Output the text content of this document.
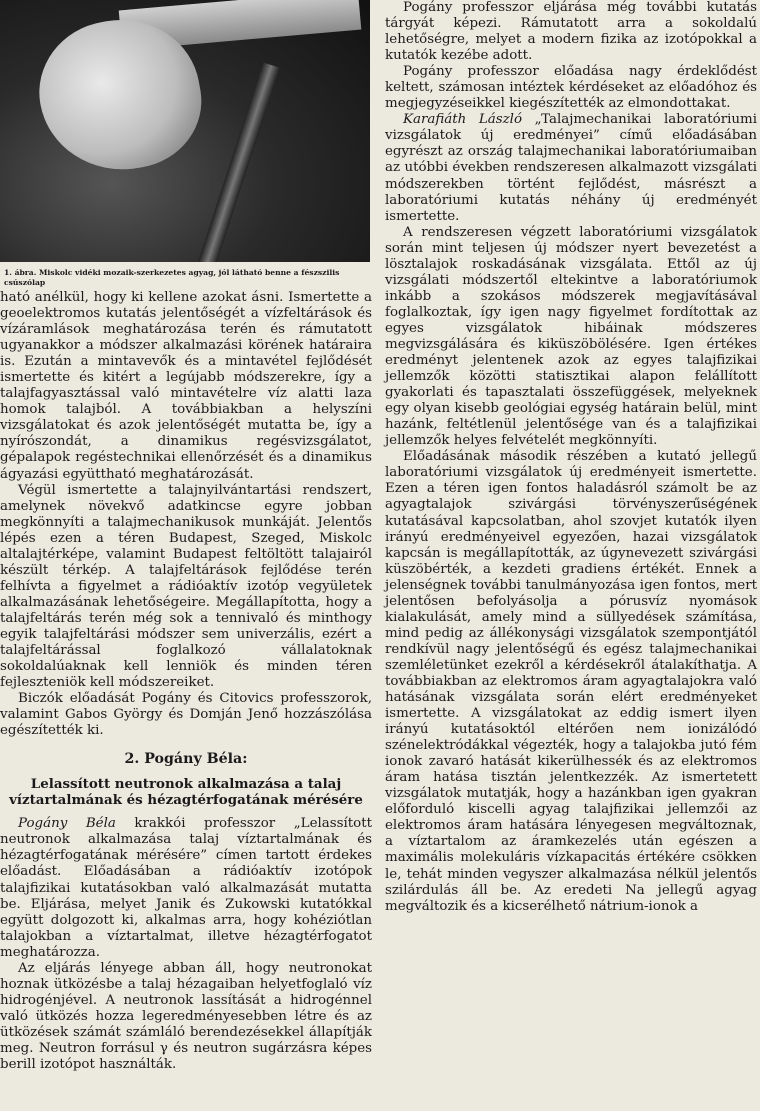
1. ábra. Miskolc vidéki mozaik-szerkezetes agyag, jól látható benne a fészszilis csúszólap

ható anélkül, hogy ki kellene azokat ásni. Ismertette a geoelektromos kutatás jelentőségét a vízfeltárások és vízáramlások meghatározása terén és rámutatott ugyanakkor a módszer alkalmazási körének határaira is. Ezután a mintavevők és a mintavétel fejlődését ismertette és kitért a legújabb módszerekre, így a talajfagyasztással való mintavételre víz alatti laza homok talajból. A továbbiakban a helyszíni vizsgálatokat és azok jelentőségét mutatta be, így a nyírószondát, a dinamikus regésvizsgálatot, gépalapok regéstechnikai ellenőrzését és a dinamikus ágyazási együttható meghatározását.

Végül ismertette a talajnyilvántartási rendszert, amelynek növekvő adatkincse egyre jobban megkönnyíti a talajmechanikusok munkáját. Jelentős lépés ezen a téren Budapest, Szeged, Miskolc altalajtérképe, valamint Budapest feltöltött talajairól készült térkép. A talajfeltárások fejlődése terén felhívta a figyelmet a rádióaktív izotóp vegyületek alkalmazásának lehetőségeire. Megállapította, hogy a talajfeltárás terén még sok a tennivaló és minthogy egyik talajfeltárási módszer sem univerzális, ezért a talajfeltárással foglalkozó vállalatoknak sokoldalúaknak kell lenniök és minden téren fejleszteniök kell módszereiket.

Biczók előadását Pogány és Citovics professzorok, valamint Gabos György és Domján Jenő hozzászólása egészítették ki.

2. Pogány Béla:
Lelassított neutronok alkalmazása a talaj víztartalmának és hézagtérfogatának mérésére

Pogány Béla krakkói professzor „Lelassított neutronok alkalmazása talaj víztartalmának és hézagtérfogatának mérésére” címen tartott érdekes előadást. Előadásában a rádióaktív izotópok talajfizikai kutatásokban való alkalmazását mutatta be. Eljárása, melyet Janik és Zukowski kutatókkal együtt dolgozott ki, alkalmas arra, hogy kohéziótlan talajokban a víztartalmat, illetve hézagtérfogatot meghatározza.

Az eljárás lényege abban áll, hogy neutronokat hoznak ütközésbe a talaj hézagaiban helyetfoglaló víz hidrogénjével. A neutronok lassítását a hidrogénnel való ütközés hozza legeredményesebben létre és az ütközések számát számláló berendezésekkel állapítják meg. Neutron forrásul γ és neutron sugárzásra képes berill izotópot használták.

Pogány professzor eljárása még további kutatás tárgyát képezi. Rámutatott arra a sokoldalú lehetőségre, melyet a modern fizika az izotópokkal a kutatók kezébe adott.

Pogány professzor előadása nagy érdeklődést keltett, számosan intéztek kérdéseket az előadóhoz és megjegyzéseikkel kiegészítették az elmondottakat.

Karafiáth László „Talajmechanikai laboratóriumi vizsgálatok új eredményei” című előadásában egyrészt az ország talajmechanikai laboratóriumaiban az utóbbi években rendszeresen alkalmazott vizsgálati módszerekben történt fejlődést, másrészt a laboratóriumi kutatás néhány új eredményét ismertette.

A rendszeresen végzett laboratóriumi vizsgálatok során mint teljesen új módszer nyert bevezetést a lösztalajok roskadásának vizsgálata. Ettől az új vizsgálati módszertől eltekintve a laboratóriumok inkább a szokásos módszerek megjavításával foglalkoztak, így igen nagy figyelmet fordítottak az egyes vizsgálatok hibáinak módszeres megvizsgálására és kiküszöbölésére. Igen értékes eredményt jelentenek azok az egyes talajfizikai jellemzők közötti statisztikai alapon felállított gyakorlati és tapasztalati összefüggések, melyeknek egy olyan kisebb geológiai egység határain belül, mint hazánk, feltétlenül jelentősége van és a talajfizikai jellemzők helyes felvételét megkönnyíti.

Előadásának második részében a kutató jellegű laboratóriumi vizsgálatok új eredményeit ismertette. Ezen a téren igen fontos haladásról számolt be az agyagtalajok szivárgási törvényszerűségének kutatásával kapcsolatban, ahol szovjet kutatók ilyen irányú eredményeivel egyezően, hazai vizsgálatok kapcsán is megállapították, az úgynevezett szivárgási küszöbérték, a kezdeti gradiens értékét. Ennek a jelenségnek további tanulmányozása igen fontos, mert jelentősen befolyásolja a pórusvíz nyomások kialakulását, amely mind a süllyedések számítása, mind pedig az állékonysági vizsgálatok szempontjától rendkívül nagy jelentőségű és egész talajmechanikai szemléletünket ezekről a kérdésekről átalakíthatja. A továbbiakban az elektromos áram agyagtalajokra való hatásának vizsgálata során elért eredményeket ismertette. A vizsgálatokat az eddig ismert ilyen irányú kutatásoktól eltérően nem ionizálódó szénelektródákkal végezték, hogy a talajokba jutó fém ionok zavaró hatását kikerülhessék és az elektromos áram hatása tisztán jelentkezzék. Az ismertetett vizsgálatok mutatják, hogy a hazánkban igen gyakran előforduló kiscelli agyag talajfizikai jellemzői az elektromos áram hatására lényegesen megváltoznak, a víztartalom az áramkezelés után egészen a maximális molekuláris vízkapacitás értékére csökken le, tehát minden vegyszer alkalmazása nélkül jelentős szilárdulás áll be. Az eredeti Na jellegű agyag megváltozik és a kicserélhető nátrium-ionok a
